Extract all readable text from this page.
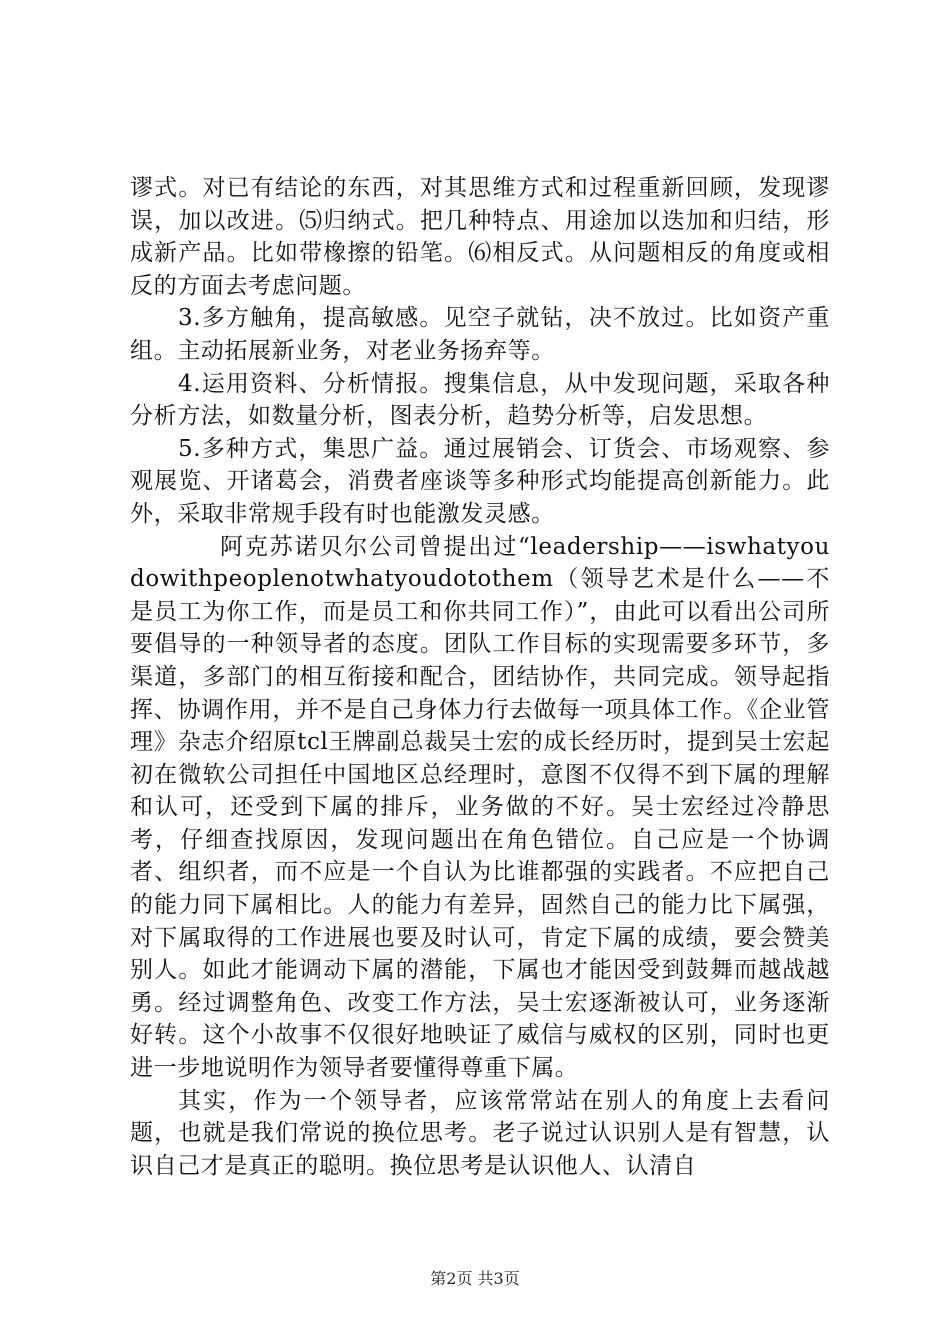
谬式。对已有结论的东西，对其思维方式和过程重新回顾，发现谬误，加以改进。⑸归纳式。把几种特点、用途加以迭加和归结，形成新产品。比如带橡擦的铅笔。⑹相反式。从问题相反的角度或相反的方面去考虑问题。

3.多方触角，提高敏感。见空子就钻，决不放过。比如资产重组。主动拓展新业务，对老业务扬弃等。

4.运用资料、分析情报。搜集信息，从中发现问题，采取各种分析方法，如数量分析，图表分析，趋势分析等，启发思想。

5.多种方式，集思广益。通过展销会、订货会、市场观察、参观展览、开诸葛会，消费者座谈等多种形式均能提高创新能力。此外，采取非常规手段有时也能激发灵感。

阿克苏诺贝尔公司曾提出过“leadership——iswhatyoudowithpeoplenotwhatyoudotothem（领导艺术是什么——不是员工为你工作，而是员工和你共同工作）”，由此可以看出公司所要倡导的一种领导者的态度。团队工作目标的实现需要多环节，多渠道，多部门的相互衔接和配合，团结协作，共同完成。领导起指挥、协调作用，并不是自己身体力行去做每一项具体工作。《企业管理》杂志介绍原tcl王牌副总裁吴士宏的成长经历时，提到吴士宏起初在微软公司担任中国地区总经理时，意图不仅得不到下属的理解和认可，还受到下属的排斥，业务做的不好。吴士宏经过冷静思考，仔细查找原因，发现问题出在角色错位。自己应是一个协调者、组织者，而不应是一个自认为比谁都强的实践者。不应把自己的能力同下属相比。人的能力有差异，固然自己的能力比下属强，对下属取得的工作进展也要及时认可，肯定下属的成绩，要会赞美别人。如此才能调动下属的潜能，下属也才能因受到鼓舞而越战越勇。经过调整角色、改变工作方法，吴士宏逐渐被认可，业务逐渐好转。这个小故事不仅很好地映证了威信与威权的区别，同时也更进一步地说明作为领导者要懂得尊重下属。

其实，作为一个领导者，应该常常站在别人的角度上去看问题，也就是我们常说的换位思考。老子说过认识别人是有智慧，认识自己才是真正的聪明。换位思考是认识他人、认清自

第2页 共3页
